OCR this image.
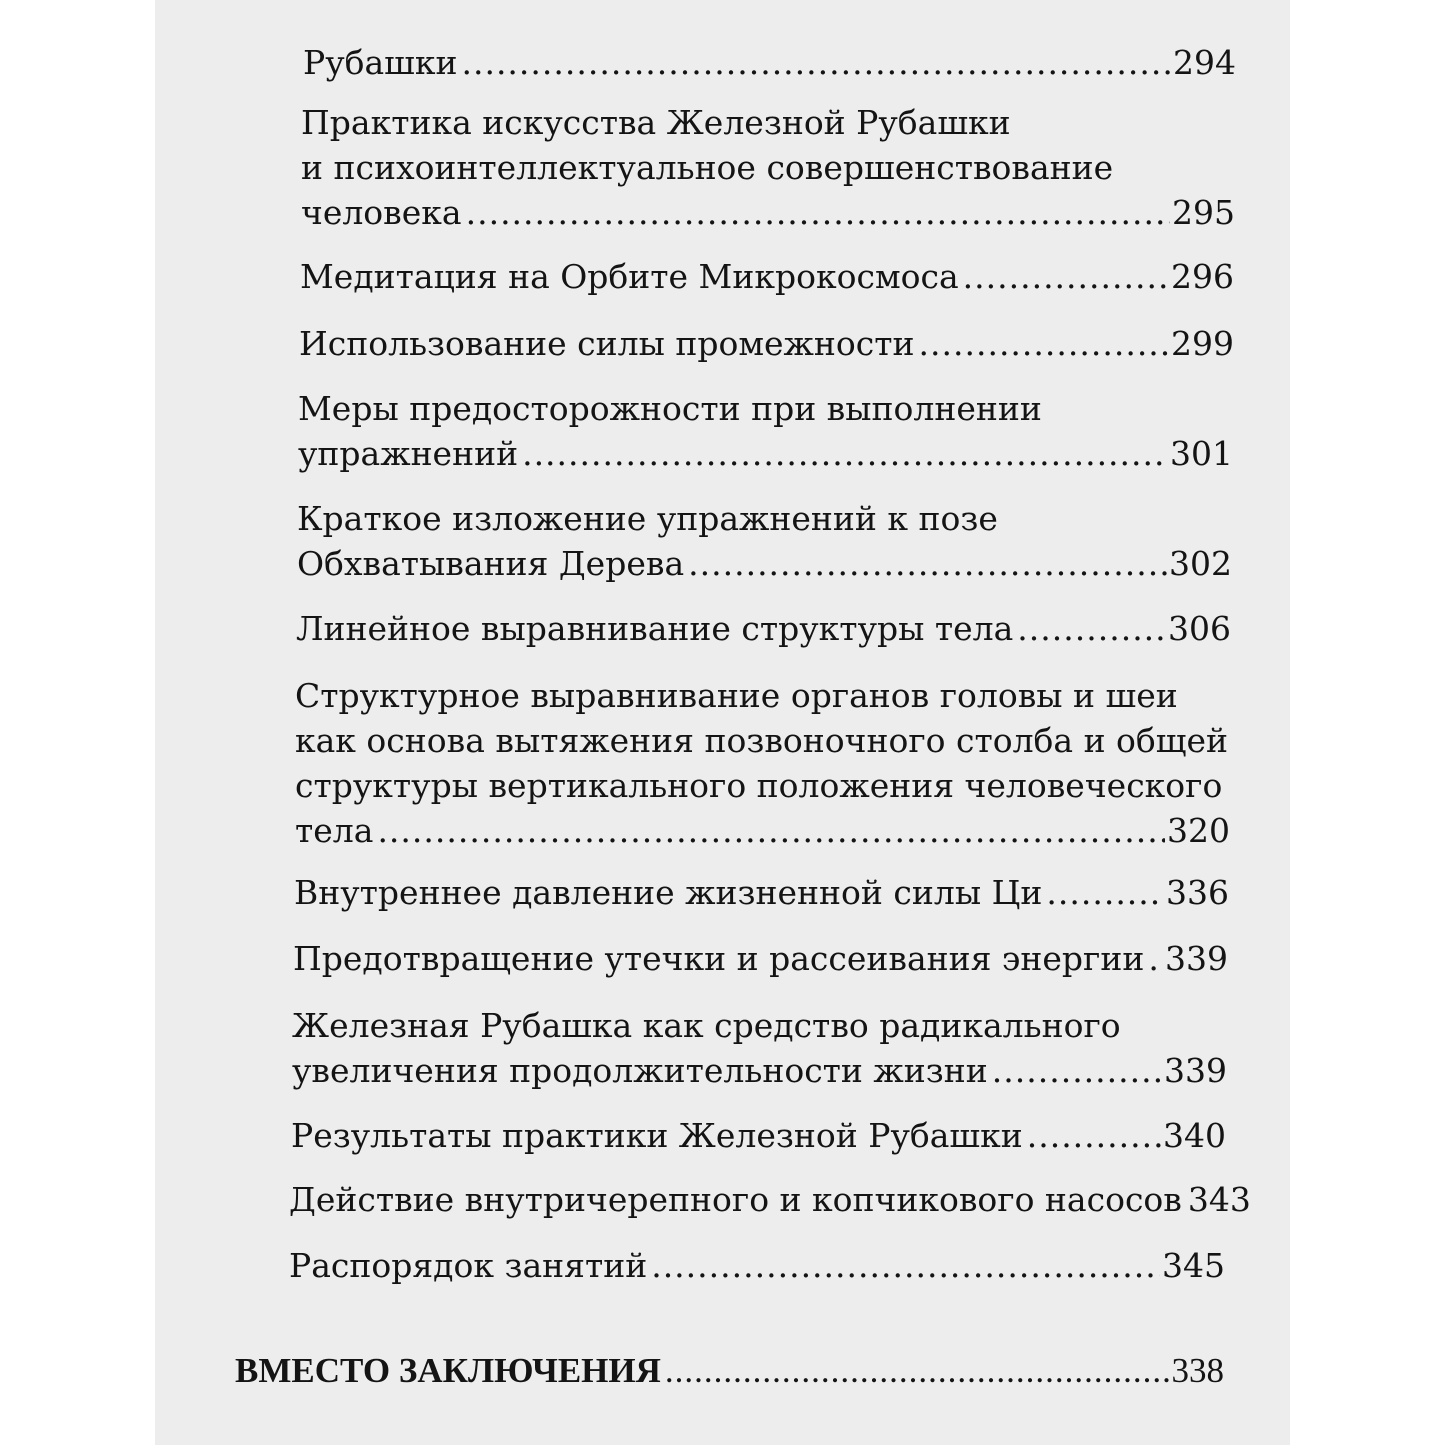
Рубашки .....	294
Практика искусства Железной Рубашки
и психоинтеллектуальное совершенствование
человека .....	295
Медитация на Орбите Микрокосмоса .....	296
Использование силы промежности .....	299
Меры предосторожности при выполнении
упражнений .....	301
Краткое изложение упражнений к позе
Обхватывания Дерева .....	302
Линейное выравнивание структуры тела .....	306
Структурное выравнивание органов головы и шеи
как основа вытяжения позвоночного столба и общей
структуры вертикального положения человеческого
тела .....	320
Внутреннее давление жизненной силы Ци .....	336
Предотвращение утечки и рассеивания энергии ..... 339
Железная Рубашка как средство радикального
увеличения продолжительности жизни .....	339
Результаты практики Железной Рубашки .....	340
Действие внутричерепного и копчикового насосов 343
Распорядок занятий .....	345
ВМЕСТО ЗАКЛЮЧЕНИЯ .....	338
